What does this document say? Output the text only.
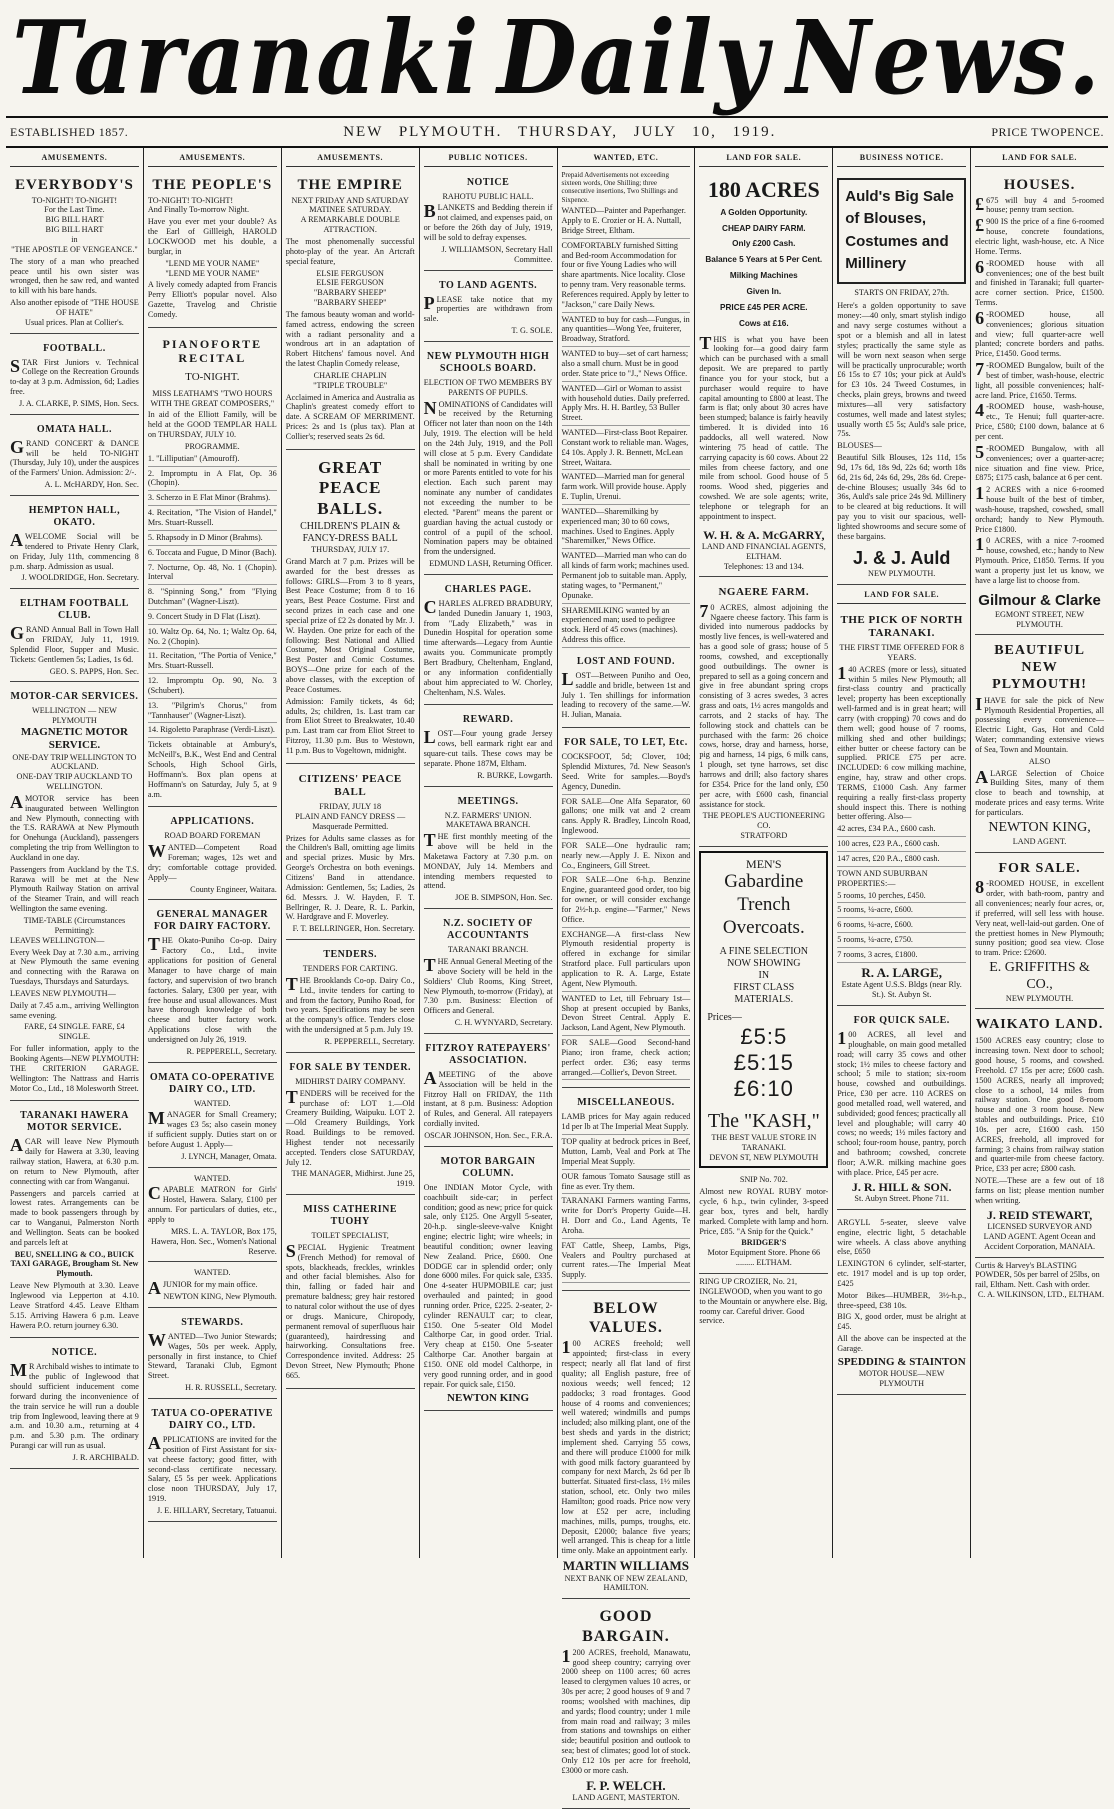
Taranaki Daily News.
ESTABLISHED 1857.	NEW PLYMOUTH. THURSDAY, JULY 10, 1919.	PRICE TWOPENCE.
AMUSEMENTS.
EVERYBODY'S
TO-NIGHT! TO-NIGHT!
For the Last Time.
BIG BILL HART
BIG BILL HART
in
"THE APOSTLE OF VENGEANCE."

The story of a man who preached peace until his own sister was wronged, then he saw red, and wanted to kill with his bare hands.

Also another episode of "THE HOUSE OF HATE"
Usual prices. Plan at Collier's.
FOOTBALL.

STAR First Juniors v. Technical College on the Recreation Grounds to-day at 3 p.m. Admission, 6d; Ladies free.

J. A. CLARKE, P. SIMS, Hon. Secs.
OMATA HALL.

GRAND CONCERT & DANCE will be held TO-NIGHT (Thursday, July 10), under the auspices of the Farmers' Union. Admission: 2/-.

A. L. McHARDY, Hon. Sec.
HEMPTON HALL, OKATO.

AWELCOME Social will be tendered to Private Henry Clark, on Friday, July 11th, commencing 8 p.m. sharp. Admission as usual.

J. WOOLDRIDGE, Hon. Secretary.
ELTHAM FOOTBALL CLUB.

GRAND Annual Ball in Town Hall on FRIDAY, July 11, 1919. Splendid Floor, Supper and Music. Tickets: Gentlemen 5s; Ladies, 1s 6d.

GEO. S. PAPPS, Hon. Sec.
MOTOR-CAR SERVICES.
WELLINGTON — NEW PLYMOUTH
MAGNETIC MOTOR SERVICE.
ONE-DAY TRIP WELLINGTON TO AUCKLAND.
ONE-DAY TRIP AUCKLAND TO WELLINGTON.

AMOTOR service has been inaugurated between Wellington and New Plymouth, connecting with the T.S. RARAWA at New Plymouth for Onehunga (Auckland), passengers completing the trip from Wellington to Auckland in one day.

Passengers from Auckland by the T.S. Rarawa will be met at the New Plymouth Railway Station on arrival of the Steamer Train, and will reach Wellington the same evening.

TIME-TABLE (Circumstances Permitting):
LEAVES WELLINGTON—

Every Week Day at 7.30 a.m., arriving at New Plymouth the same evening and connecting with the Rarawa on Tuesdays, Thursdays and Saturdays.

LEAVES NEW PLYMOUTH—

Daily at 7.45 a.m., arriving Wellington same evening.

FARE, £4 SINGLE. FARE, £4 SINGLE.

For fuller information, apply to the Booking Agents—NEW PLYMOUTH: THE CRITERION GARAGE. Wellington: The Nattrass and Harris Motor Co., Ltd., 18 Molesworth Street.

TARANAKI HAWERA MOTOR SERVICE.

ACAR will leave New Plymouth daily for Hawera at 3.30, leaving railway station, Hawera, at 6.30 p.m. on return to New Plymouth, after connecting with car from Wanganui.

Passengers and parcels carried at lowest rates. Arrangements can be made to book passengers through by car to Wanganui, Palmerston North and Wellington. Seats can be booked and parcels left at

BEU, SNELLING & CO., BUICK TAXI GARAGE, Brougham St. New Plymouth.

Leave New Plymouth at 3.30. Leave Inglewood via Lepperton at 4.10. Leave Stratford 4.45. Leave Eltham 5.15. Arriving Hawera 6 p.m. Leave Hawera P.O. return journey 6.30.

NOTICE.

MR Archibald wishes to intimate to the public of Inglewood that should sufficient inducement come forward during the inconvenience of the train service he will run a double trip from Inglewood, leaving there at 9 a.m. and 10.30 a.m., returning at 4 p.m. and 5.30 p.m. The ordinary Purangi car will run as usual.

J. R. ARCHIBALD.
AMUSEMENTS.
THE PEOPLE'S
TO-NIGHT! TO-NIGHT!
And Finally To-morrow Night.

Have you ever met your double? As the Earl of Gillleigh, HAROLD LOCKWOOD met his double, a burglar, in

"LEND ME YOUR NAME"
"LEND ME YOUR NAME"

A lively comedy adapted from Francis Perry Elliott's popular novel. Also Gazette, Travelog and Christie Comedy.

PIANOFORTE RECITAL
TO-NIGHT.
MISS LEATHAM'S "TWO HOURS WITH THE GREAT COMPOSERS,"

In aid of the Elliott Family, will be held at the GOOD TEMPLAR HALL on THURSDAY, JULY 10.

PROGRAMME.

1. "Lilliputian" (Amouroff).

2. Impromptu in A Flat, Op. 36 (Chopin).

3. Scherzo in E Flat Minor (Brahms).

4. Recitation, "The Vision of Handel," Mrs. Stuart-Russell.

5. Rhapsody in D Minor (Brahms).

6. Toccata and Fugue, D Minor (Bach).

7. Nocturne, Op. 48, No. 1 (Chopin). Interval

8. "Spinning Song," from "Flying Dutchman" (Wagner-Liszt).

9. Concert Study in D Flat (Liszt).

10. Waltz Op. 64, No. 1; Waltz Op. 64, No. 2 (Chopin).

11. Recitation, "The Portia of Venice," Mrs. Stuart-Russell.

12. Impromptu Op. 90, No. 3 (Schubert).

13. "Pilgrim's Chorus," from "Tannhauser" (Wagner-Liszt).

14. Rigoletto Paraphrase (Verdi-Liszt).

Tickets obtainable at Ambury's, McNeill's, B.K., West End and Central Schools, High School Girls, Hoffmann's. Box plan opens at Hoffmann's on Saturday, July 5, at 9 a.m.

APPLICATIONS.
ROAD BOARD FOREMAN

WANTED—Competent Road Foreman; wages, 12s wet and dry; comfortable cottage provided. Apply—

County Engineer, Waitara.
GENERAL MANAGER FOR DAIRY FACTORY.

THE Okato-Puniho Co-op. Dairy Factory Co., Ltd., invite applications for position of General Manager to have charge of main factory, and supervision of two branch factories. Salary, £300 per year, with free house and usual allowances. Must have thorough knowledge of both cheese and butter factory work. Applications close with the undersigned on July 26, 1919.

R. PEPPERELL, Secretary.
OMATA CO-OPERATIVE DAIRY CO., LTD.
WANTED.

MANAGER for Small Creamery; wages £3 5s; also casein money if sufficient supply. Duties start on or before August 1. Apply—

J. LYNCH, Manager, Omata.
WANTED.

CAPABLE MATRON for Girls' Hostel, Hawera. Salary, £100 per annum. For particulars of duties, etc., apply to

MRS. L. A. TAYLOR, Box 175, Hawera, Hon. Sec., Women's National Reserve.
WANTED.

AJUNIOR for my main office.

NEWTON KING, New Plymouth.
STEWARDS.

WANTED—Two Junior Stewards; Wages, 50s per week. Apply, personally in first instance, to Chief Steward, Taranaki Club, Egmont Street.

H. R. RUSSELL, Secretary.
TATUA CO-OPERATIVE DAIRY CO., LTD.

APPLICATIONS are invited for the position of First Assistant for six-vat cheese factory; good fitter, with second-class certificate necessary. Salary, £5 5s per week. Applications close noon THURSDAY, July 17, 1919.

J. E. HILLARY, Secretary, Tatuanui.
AMUSEMENTS.
THE EMPIRE
NEXT FRIDAY AND SATURDAY MATINEE SATURDAY.
A REMARKABLE DOUBLE ATTRACTION.

The most phenomenally successful photo-play of the year. An Artcraft special feature,

ELSIE FERGUSON
ELSIE FERGUSON
"BARBARY SHEEP"
"BARBARY SHEEP"

The famous beauty woman and world-famed actress, endowing the screen with a radiant personality and a wondrous art in an adaptation of Robert Hitchens' famous novel. And the latest Chaplin Comedy release,

CHARLIE CHAPLIN
"TRIPLE TROUBLE"

Acclaimed in America and Australia as Chaplin's greatest comedy effort to date. A SCREAM OF MERRIMENT. Prices: 2s and 1s (plus tax). Plan at Collier's; reserved seats 2s 6d.

GREAT PEACE BALLS.
CHILDREN'S PLAIN & FANCY-DRESS BALL
THURSDAY, JULY 17.

Grand March at 7 p.m. Prizes will be awarded for the best dresses as follows: GIRLS—From 3 to 8 years, Best Peace Costume; from 8 to 16 years, Best Peace Costume. First and second prizes in each case and one special prize of £2 2s donated by Mr. J. W. Hayden. One prize for each of the following: Best National and Allied Costume, Most Original Costume, Best Poster and Comic Costumes. BOYS—One prize for each of the above classes, with the exception of Peace Costumes.

Admission: Family tickets, 4s 6d; adults, 2s; children, 1s. Last tram car from Eliot Street to Breakwater, 10.40 p.m. Last tram car from Eliot Street to Fitzroy, 11.30 p.m. Bus to Westown, 11 p.m. Bus to Vogeltown, midnight.

CITIZENS' PEACE BALL
FRIDAY, JULY 18
PLAIN AND FANCY DRESS — Masquerade Permitted.

Prizes for Adults same classes as for the Children's Ball, omitting age limits and special prizes. Music by Mrs. George's Orchestra on both evenings. Citizens' Band in attendance. Admission: Gentlemen, 5s; Ladies, 2s 6d. Messrs. J. W. Hayden, F. T. Bellringer, R. J. Deare, R. L. Parkin, W. Hardgrave and F. Moverley.

F. T. BELLRINGER, Hon. Secretary.
TENDERS.
TENDERS FOR CARTING.

THE Brooklands Co-op. Dairy Co., Ltd., invite tenders for carting to and from the factory, Puniho Road, for two years. Specifications may be seen at the company's office. Tenders close with the undersigned at 5 p.m. July 19.

R. PEPPERELL, Secretary.
FOR SALE BY TENDER.
MIDHIRST DAIRY COMPANY.

TENDERS will be received for the purchase of: LOT 1.—Old Creamery Building, Waipuku. LOT 2.—Old Creamery Buildings, York Road. Buildings to be removed. Highest tender not necessarily accepted. Tenders close SATURDAY, July 12.

THE MANAGER, Midhirst. June 25, 1919.
MISS CATHERINE TUOHY
TOILET SPECIALIST,

SPECIAL Hygienic Treatment (French Method) for removal of spots, blackheads, freckles, wrinkles and other facial blemishes. Also for thin, falling or faded hair and premature baldness; grey hair restored to natural color without the use of dyes or drugs. Manicure, Chiropody, permanent removal of superfluous hair (guaranteed), hairdressing and hairworking. Consultations free. Correspondence invited. Address: 25 Devon Street, New Plymouth; Phone 665.

PUBLIC NOTICES.
NOTICE
RAHOTU PUBLIC HALL.

BLANKETS and Bedding therein if not claimed, and expenses paid, on or before the 26th day of July, 1919, will be sold to defray expenses.

J. WILLIAMSON, Secretary Hall Committee.
TO LAND AGENTS.

PLEASE take notice that my properties are withdrawn from sale.

T. G. SOLE.
NEW PLYMOUTH HIGH SCHOOLS BOARD.
ELECTION OF TWO MEMBERS BY PARENTS OF PUPILS.

NOMINATIONS of Candidates will be received by the Returning Officer not later than noon on the 14th July, 1919. The election will be held on the 24th July, 1919, and the Poll will close at 5 p.m. Every Candidate shall be nominated in writing by one or more Parents entitled to vote for his election. Each such parent may nominate any number of candidates not exceeding the number to be elected. "Parent" means the parent or guardian having the actual custody or control of a pupil of the school. Nomination papers may be obtained from the undersigned.

EDMUND LASH, Returning Officer.
CHARLES PAGE.

CHARLES ALFRED BRADBURY, landed Dunedin January 1, 1903, from "Lady Elizabeth," was in Dunedin Hospital for operation some time afterwards—Legacy from Auntie awaits you. Communicate promptly Bert Bradbury, Cheltenham, England, or any information confidentially about him appreciated to W. Chorley, Cheltenham, N.S. Wales.

REWARD.

LOST—Four young grade Jersey cows, bell earmark right ear and square-cut tails. These cows may be separate. Phone 187M, Eltham.

R. BURKE, Lowgarth.
MEETINGS.
N.Z. FARMERS' UNION.
MAKETAWA BRANCH.

THE first monthly meeting of the above will be held in the Maketawa Factory at 7.30 p.m. on MONDAY, July 14. Members and intending members requested to attend.

JOE B. SIMPSON, Hon. Sec.
N.Z. SOCIETY OF ACCOUNTANTS
TARANAKI BRANCH.

THE Annual General Meeting of the above Society will be held in the Soldiers' Club Rooms, King Street, New Plymouth, to-morrow (Friday), at 7.30 p.m. Business: Election of Officers and General.

C. H. WYNYARD, Secretary.
FITZROY RATEPAYERS' ASSOCIATION.

AMEETING of the above Association will be held in the Fitzroy Hall on FRIDAY, the 11th instant, at 8 p.m. Business: Adoption of Rules, and General. All ratepayers cordially invited.

OSCAR JOHNSON, Hon. Sec., F.R.A.
MOTOR BARGAIN COLUMN.

One INDIAN Motor Cycle, with coachbuilt side-car; in perfect condition; good as new; price for quick sale, only £125. One Argyll 5-seater, 20-h.p. single-sleeve-valve Knight engine; electric light; wire wheels; in beautiful condition; owner leaving New Zealand. Price, £600. One DODGE car in splendid order; only done 6000 miles. For quick sale, £335. One 4-seater HUPMOBILE car; just overhauled and painted; in good running order. Price, £225. 2-seater, 2-cylinder RENAULT car; to clear, £150. One 5-seater Old Model Calthorpe Car, in good order. Trial. Very cheap at £150. One 5-seater Calthorpe Car. Another bargain at £150. ONE old model Calthorpe, in very good running order, and in good repair. For quick sale, £150.

NEWTON KING
WANTED, ETC.

Prepaid Advertisements not exceeding sixteen words, One Shilling; three consecutive insertions, Two Shillings and Sixpence.

WANTED—Painter and Paperhanger. Apply to E. Crozier or H. A. Nuttall, Bridge Street, Eltham.

COMFORTABLY furnished Sitting and Bed-room Accommodation for four or five Young Ladies who will share apartments. Nice locality. Close to penny tram. Very reasonable terms. References required. Apply by letter to "Jackson," care Daily News.

WANTED to buy for cash—Fungus, in any quantities—Wong Yee, fruiterer, Broadway, Stratford.

WANTED to buy—set of cart harness; also a small churn. Must be in good order. State price to "J.," News Office.

WANTED—Girl or Woman to assist with household duties. Daily preferred. Apply Mrs. H. H. Bartley, 53 Buller Street.

WANTED—First-class Boot Repairer. Constant work to reliable man. Wages, £4 10s. Apply J. R. Bennett, McLean Street, Waitara.

WANTED—Married man for general farm work. Will provide house. Apply E. Tuplin, Urenui.

WANTED—Sharemilking by experienced man; 30 to 60 cows, machines. Used to Engines. Apply "Sharemilker," News Office.

WANTED—Married man who can do all kinds of farm work; machines used. Permanent job to suitable man. Apply, stating wages, to "Permanent," Opunake.

SHAREMILKING wanted by an experienced man; used to pedigree stock. Herd of 45 cows (machines). Address this office.

LOST AND FOUND.

LOST—Between Puniho and Oeo, saddle and bridle, between 1st and July 1. Ten shillings for information leading to recovery of the same.—W. H. Julian, Manaia.

FOR SALE, TO LET, Etc.

COCKSFOOT, 5d; Clover, 10d; Splendid Mixtures, 7d. New Season's Seed. Write for samples.—Boyd's Agency, Dunedin.

FOR SALE—One Alfa Separator, 60 gallons; one milk vat and 2 cream cans. Apply R. Bradley, Lincoln Road, Inglewood.

FOR SALE—One hydraulic ram; nearly new.—Apply J. E. Nixon and Co., Engineers, Gill Street.

FOR SALE—One 6-h.p. Benzine Engine, guaranteed good order, too big for owner, or will consider exchange for 2½-h.p. engine—"Farmer," News Office.

EXCHANGE—A first-class New Plymouth residential property is offered in exchange for similar Stratford place. Full particulars upon application to R. A. Large, Estate Agent, New Plymouth.

WANTED to Let, till February 1st—Shop at present occupied by Banks, Devon Street Central. Apply E. Jackson, Land Agent, New Plymouth.

FOR SALE—Good Second-hand Piano; iron frame, check action; perfect order. £36; easy terms arranged.—Collier's, Devon Street.

MISCELLANEOUS.

LAMB prices for May again reduced 1d per lb at The Imperial Meat Supply.

TOP quality at bedrock prices in Beef, Mutton, Lamb, Veal and Pork at The Imperial Meat Supply.

OUR famous Tomato Sausage still as fine as ever. Try them.

TARANAKI Farmers wanting Farms, write for Dorr's Property Guide—H. H. Dorr and Co., Land Agents, Te Aroha.

FAT Cattle, Sheep, Lambs, Pigs, Vealers and Poultry purchased at current rates.—The Imperial Meat Supply.

BELOW VALUES.

100 ACRES freehold; well appointed; first-class in every respect; nearly all flat land of first quality; all English pasture, free of noxious weeds; well fenced; 12 paddocks; 3 road frontages. Good house of 4 rooms and conveniences; well watered; windmills and pumps included; also milking plant, one of the best sheds and yards in the district; implement shed. Carrying 55 cows, and there will produce £1000 for milk with good milk factory guaranteed by company for next March, 2s 6d per lb butterfat. Situated first-class, 1½ miles station, school, etc. Only two miles Hamilton; good roads. Price now very low at £52 per acre, including machines, mills, pumps, troughs, etc. Deposit, £2000; balance five years; well arranged. This is cheap for a little time only. Make an appointment early.

MARTIN WILLIAMS
NEXT BANK OF NEW ZEALAND, HAMILTON.
GOOD BARGAIN.

1200 ACRES, freehold, Manawatu, good sheep country; carrying over 2000 sheep on 1100 acres; 60 acres leased to clergymen values 10 acres, or 30s per acre; 2 good houses of 9 and 7 rooms; woolshed with machines, dip and yards; flood country; under 1 mile from main road and railway; 3 miles from stations and townships on either side; beautiful position and outlook to sea; best of climates; good lot of stock. Only £12 10s per acre for freehold, £3000 or more cash.

F. P. WELCH.
LAND AGENT, MASTERTON.
LAND FOR SALE.
180 ACRES
A Golden Opportunity.
CHEAP DAIRY FARM.
Only £200 Cash.
Balance 5 Years at 5 Per Cent.
Milking Machines
Given In.
PRICE £45 PER ACRE.
Cows at £16.

THIS is what you have been looking for—a good dairy farm which can be purchased with a small deposit. We are prepared to partly finance you for your stock, but a purchaser would require to have capital amounting to £800 at least. The farm is flat; only about 30 acres have been stumped; balance is fairly heavily timbered. It is divided into 16 paddocks, all well watered. Now wintering 75 head of cattle. The carrying capacity is 60 cows. About 22 miles from cheese factory, and one mile from school. Good house of 5 rooms. Wood shed, piggeries and cowshed. We are sole agents; write, telephone or telegraph for an appointment to inspect.

W. H. & A. McGARRY,
LAND AND FINANCIAL AGENTS, ELTHAM.
Telephones: 13 and 134.
NGAERE FARM.

70 ACRES, almost adjoining the Ngaere cheese factory. This farm is divided into numerous paddocks by mostly live fences, is well-watered and has a good sole of grass; house of 5 rooms, cowshed, and exceptionally good outbuildings. The owner is prepared to sell as a going concern and give in free abundant spring crops consisting of 3 acres swedes, 3 acres grass and oats, 1½ acres mangolds and carrots, and 2 stacks of hay. The following stock and chattels can be purchased with the farm: 26 choice cows, horse, dray and harness, horse, pig and harness, 14 pigs, 6 milk cans, 1 plough, set tyne harrows, set disc harrows and drill; also factory shares for £354. Price for the land only, £50 per acre, with £600 cash, financial assistance for stock.

THE PEOPLE'S AUCTIONEERING CO.
STRATFORD
MEN'S
Gabardine
Trench
Overcoats.
A FINE SELECTION
NOW SHOWING
IN
FIRST CLASS
MATERIALS.
Prices—
£5:5 £5:15
£6:10
The "KASH,"
THE BEST VALUE STORE IN
TARANAKI.
DEVON ST, NEW PLYMOUTH
SNIP No. 702.

Almost new ROYAL RUBY motor-cycle, 6 h.p., twin cylinder, 3-speed gear box, tyres and belt, hardly marked. Complete with lamp and horn. Price, £85. "A Snip for the Quick."

BRIDGER'S
Motor Equipment Store. Phone 66 ......... ELTHAM.

RING UP CROZIER, No. 21, INGLEWOOD, when you want to go to the Mountain or anywhere else. Big, roomy car. Careful driver. Good service.

BUSINESS NOTICE.
Auld's Big Sale
of Blouses,
Costumes and
Millinery
STARTS ON FRIDAY, 27th.

Here's a golden opportunity to save money:—40 only, smart stylish indigo and navy serge costumes without a spot or a blemish and all in latest styles; practically the same style as will be worn next season when serge will be practically unprocurable; worth £6 15s to £7 10s; your pick at Auld's for £3 10s. 24 Tweed Costumes, in checks, plain greys, browns and tweed mixtures—all very satisfactory costumes, well made and latest styles; usually worth £5 5s; Auld's sale price, 75s.

BLOUSES—

Beautiful Silk Blouses, 12s 11d, 15s 9d, 17s 6d, 18s 9d, 22s 6d; worth 18s 6d, 21s 6d, 24s 6d, 29s, 28s 6d. Crepe-de-chine Blouses; usually 34s 6d to 36s, Auld's sale price 24s 9d. Millinery to be cleared at big reductions. It will pay you to visit our spacious, well-lighted showrooms and secure some of these bargains.

J. & J. Auld
NEW PLYMOUTH.
LAND FOR SALE.
THE PICK OF NORTH TARANAKI.
THE FIRST TIME OFFERED FOR 8 YEARS.

140 ACRES (more or less), situated within 5 miles New Plymouth; all first-class country and practically level; property has been exceptionally well-farmed and is in great heart; will carry (with cropping) 70 cows and do them well; good house of 7 rooms, milking shed and other buildings; either butter or cheese factory can be supplied. PRICE £75 per acre. INCLUDED: 6 cow milking machine, engine, hay, straw and other crops. TERMS, £1000 Cash. Any farmer requiring a really first-class property should inspect this. There is nothing better offering. Also—

42 acres, £34 P.A., £600 cash.

100 acres, £23 P.A., £600 cash.

147 acres, £20 P.A., £800 cash.

TOWN AND SUBURBAN PROPERTIES:—

5 rooms, 10 perches, £450.

5 rooms, ¼-acre, £600.

6 rooms, ¼-acre, £600.

5 rooms, ¼-acre, £750.

7 rooms, 3 acres, £1800.

R. A. LARGE,
Estate Agent U.S.S. Bldgs (near Rly. St.). St. Aubyn St.
FOR QUICK SALE.

100 ACRES, all level and ploughable, on main good metalled road; will carry 35 cows and other stock; 1½ miles to cheese factory and school; 5 mile to station; six-room house, cowshed and outbuildings. Price, £30 per acre. 110 ACRES on good metalled road, well watered, and subdivided; good fences; practically all level and ploughable; will carry 40 cows; no weeds; 1½ miles factory and school; four-room house, pantry, porch and bathroom; cowshed, concrete floor; A.W.R. milking machine goes with place. Price, £45 per acre.

J. R. HILL & SON.
St. Aubyn Street. Phone 711.

ARGYLL 5-seater, sleeve valve engine, electric light, 5 detachable wire wheels. A class above anything else, £650

LEXINGTON 6 cylinder, self-starter, etc. 1917 model and is up top order, £425

Motor Bikes—HUMBER, 3½-h.p., three-speed, £38 10s.

BIG X, good order, must be alright at £45.

All the above can be inspected at the Garage.

SPEDDING & STAINTON
MOTOR HOUSE—NEW PLYMOUTH
LAND FOR SALE.
HOUSES.

£675 will buy 4 and 5-roomed house; penny tram section.

£900 IS the price of a fine 6-roomed house, concrete foundations, electric light, wash-house, etc. A Nice Home. Terms.

6-ROOMED house with all conveniences; one of the best built and finished in Taranaki; full quarter-acre corner section. Price, £1500. Terms.

6-ROOMED house, all conveniences; glorious situation and view; full quarter-acre well planted; concrete borders and paths. Price, £1450. Good terms.

7-ROOMED Bungalow, built of the best of timber, wash-house, electric light, all possible conveniences; half-acre land. Price, £1650. Terms.

4-ROOMED house, wash-house, etc., Te Henui; full quarter-acre. Price, £580; £100 down, balance at 6 per cent.

5-ROOMED Bungalow, with all conveniences; over a quarter-acre; nice situation and fine view. Price, £875; £175 cash, balance at 6 per cent.

12 ACRES with a nice 6-roomed house built of the best of timber, wash-house, trapshed, cowshed, small orchard; handy to New Plymouth. Price £1800.

10 ACRES, with a nice 7-roomed house, cowshed, etc.; handy to New Plymouth. Price, £1850. Terms. If you want a property just let us know, we have a large list to choose from.

Gilmour & Clarke
EGMONT STREET, NEW PLYMOUTH.
BEAUTIFUL NEW PLYMOUTH!

IHAVE for sale the pick of New Plymouth Residential Properties, all possessing every convenience—Electric Light, Gas, Hot and Cold Water; commanding extensive views of Sea, Town and Mountain.

ALSO

ALARGE Selection of Choice Building Sites, many of them close to beach and township, at moderate prices and easy terms. Write for particulars.

NEWTON KING,
LAND AGENT.
FOR SALE.

8-ROOMED HOUSE, in excellent order, with bath-room, pantry and all conveniences; nearly four acres, or, if preferred, will sell less with house. Very neat, well-laid-out garden. One of the prettiest homes in New Plymouth; sunny position; good sea view. Close to tram. Price: £2600.

E. GRIFFITHS & CO.,
NEW PLYMOUTH.
WAIKATO LAND.

1500 ACRES easy country; close to increasing town. Next door to school; good house, 5 rooms, and cowshed. Freehold. £7 15s per acre; £600 cash. 1500 ACRES, nearly all improved; close to a school, 14 miles from railway station. One good 8-room house and one 3 room house. New stables and outbuildings. Price, £10 10s. per acre, £1600 cash. 150 ACRES, freehold, all improved for farming; 3 chains from railway station and quarter-mile from cheese factory. Price, £33 per acre; £800 cash.

NOTE.—These are a few out of 18 farms on list; please mention number when writing.

J. REID STEWART,
LICENSED SURVEYOR AND LAND AGENT. Agent Ocean and Accident Corporation, MANAIA.

Curtis & Harvey's BLASTING POWDER, 50s per barrel of 25lbs, on rail, Eltham. Nett. Cash with order.

C. A. WILKINSON, LTD., ELTHAM.
